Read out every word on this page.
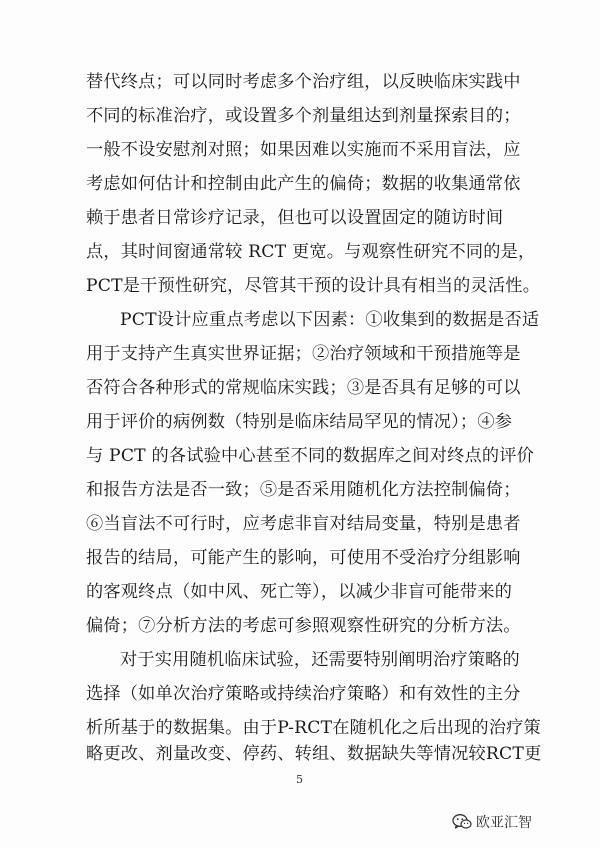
替代终点；可以同时考虑多个治疗组，以反映临床实践中
不同的标准治疗，或设置多个剂量组达到剂量探索目的；
一般不设安慰剂对照；如果因难以实施而不采用盲法，应
考虑如何估计和控制由此产生的偏倚；数据的收集通常依
赖于患者日常诊疗记录，但也可以设置固定的随访时间
点，其时间窗通常较 RCT 更宽。与观察性研究不同的是，
PCT是干预性研究，尽管其干预的设计具有相当的灵活性。
PCT设计应重点考虑以下因素：①收集到的数据是否适
用于支持产生真实世界证据；②治疗领域和干预措施等是
否符合各种形式的常规临床实践；③是否具有足够的可以
用于评价的病例数（特别是临床结局罕见的情况）；④参
与 PCT 的各试验中心甚至不同的数据库之间对终点的评价
和报告方法是否一致；⑤是否采用随机化方法控制偏倚；
⑥当盲法不可行时，应考虑非盲对结局变量，特别是患者
报告的结局，可能产生的影响，可使用不受治疗分组影响
的客观终点（如中风、死亡等），以减少非盲可能带来的
偏倚；⑦分析方法的考虑可参照观察性研究的分析方法。
对于实用随机临床试验，还需要特别阐明治疗策略的
选择（如单次治疗策略或持续治疗策略）和有效性的主分
析所基于的数据集。由于P-RCT在随机化之后出现的治疗策
略更改、剂量改变、停药、转组、数据缺失等情况较RCT更
5
欧亚汇智
